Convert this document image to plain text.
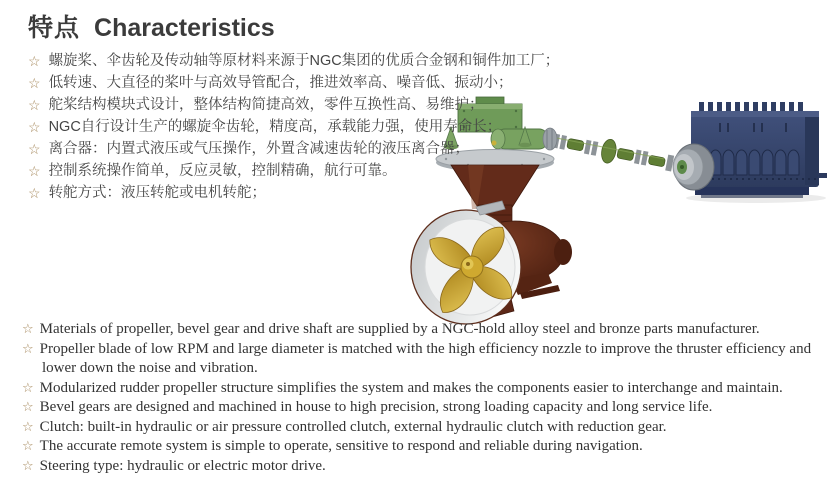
特点 Characteristics
☆ 螺旋桨、伞齿轮及传动轴等原材料来源于NGC集团的优质合金钢和铜件加工厂；
☆ 低转速、大直径的桨叶与高效导管配合，推进效率高、噪音低、振动小；
☆ 舵桨结构模块式设计，整体结构简捷高效，零件互换性高、易维护；
☆ NGC自行设计生产的螺旋伞齿轮，精度高，承载能力强，使用寿命长；
☆ 离合器：内置式液压或气压操作，外置含减速齿轮的液压离合器；
☆ 控制系统操作简单，反应灵敏，控制精确，航行可靠。
☆ 转舵方式：液压转舵或电机转舵；
☆ Materials of propeller, bevel gear and drive shaft are supplied by a NGC-hold alloy steel and bronze parts manufacturer.
☆ Propeller blade of low RPM and large diameter is matched with the high efficiency nozzle to improve the thruster efficiency and lower down the noise and vibration.
☆ Modularized rudder propeller structure simplifies the system and makes the components easier to interchange and maintain.
☆ Bevel gears are designed and machined in house to high precision, strong loading capacity and long service life.
☆ Clutch: built-in hydraulic or air pressure controlled clutch, external hydraulic clutch with reduction gear.
☆ The accurate remote system is simple to operate, sensitive to respond and reliable during navigation.
☆ Steering type: hydraulic or electric motor drive.
